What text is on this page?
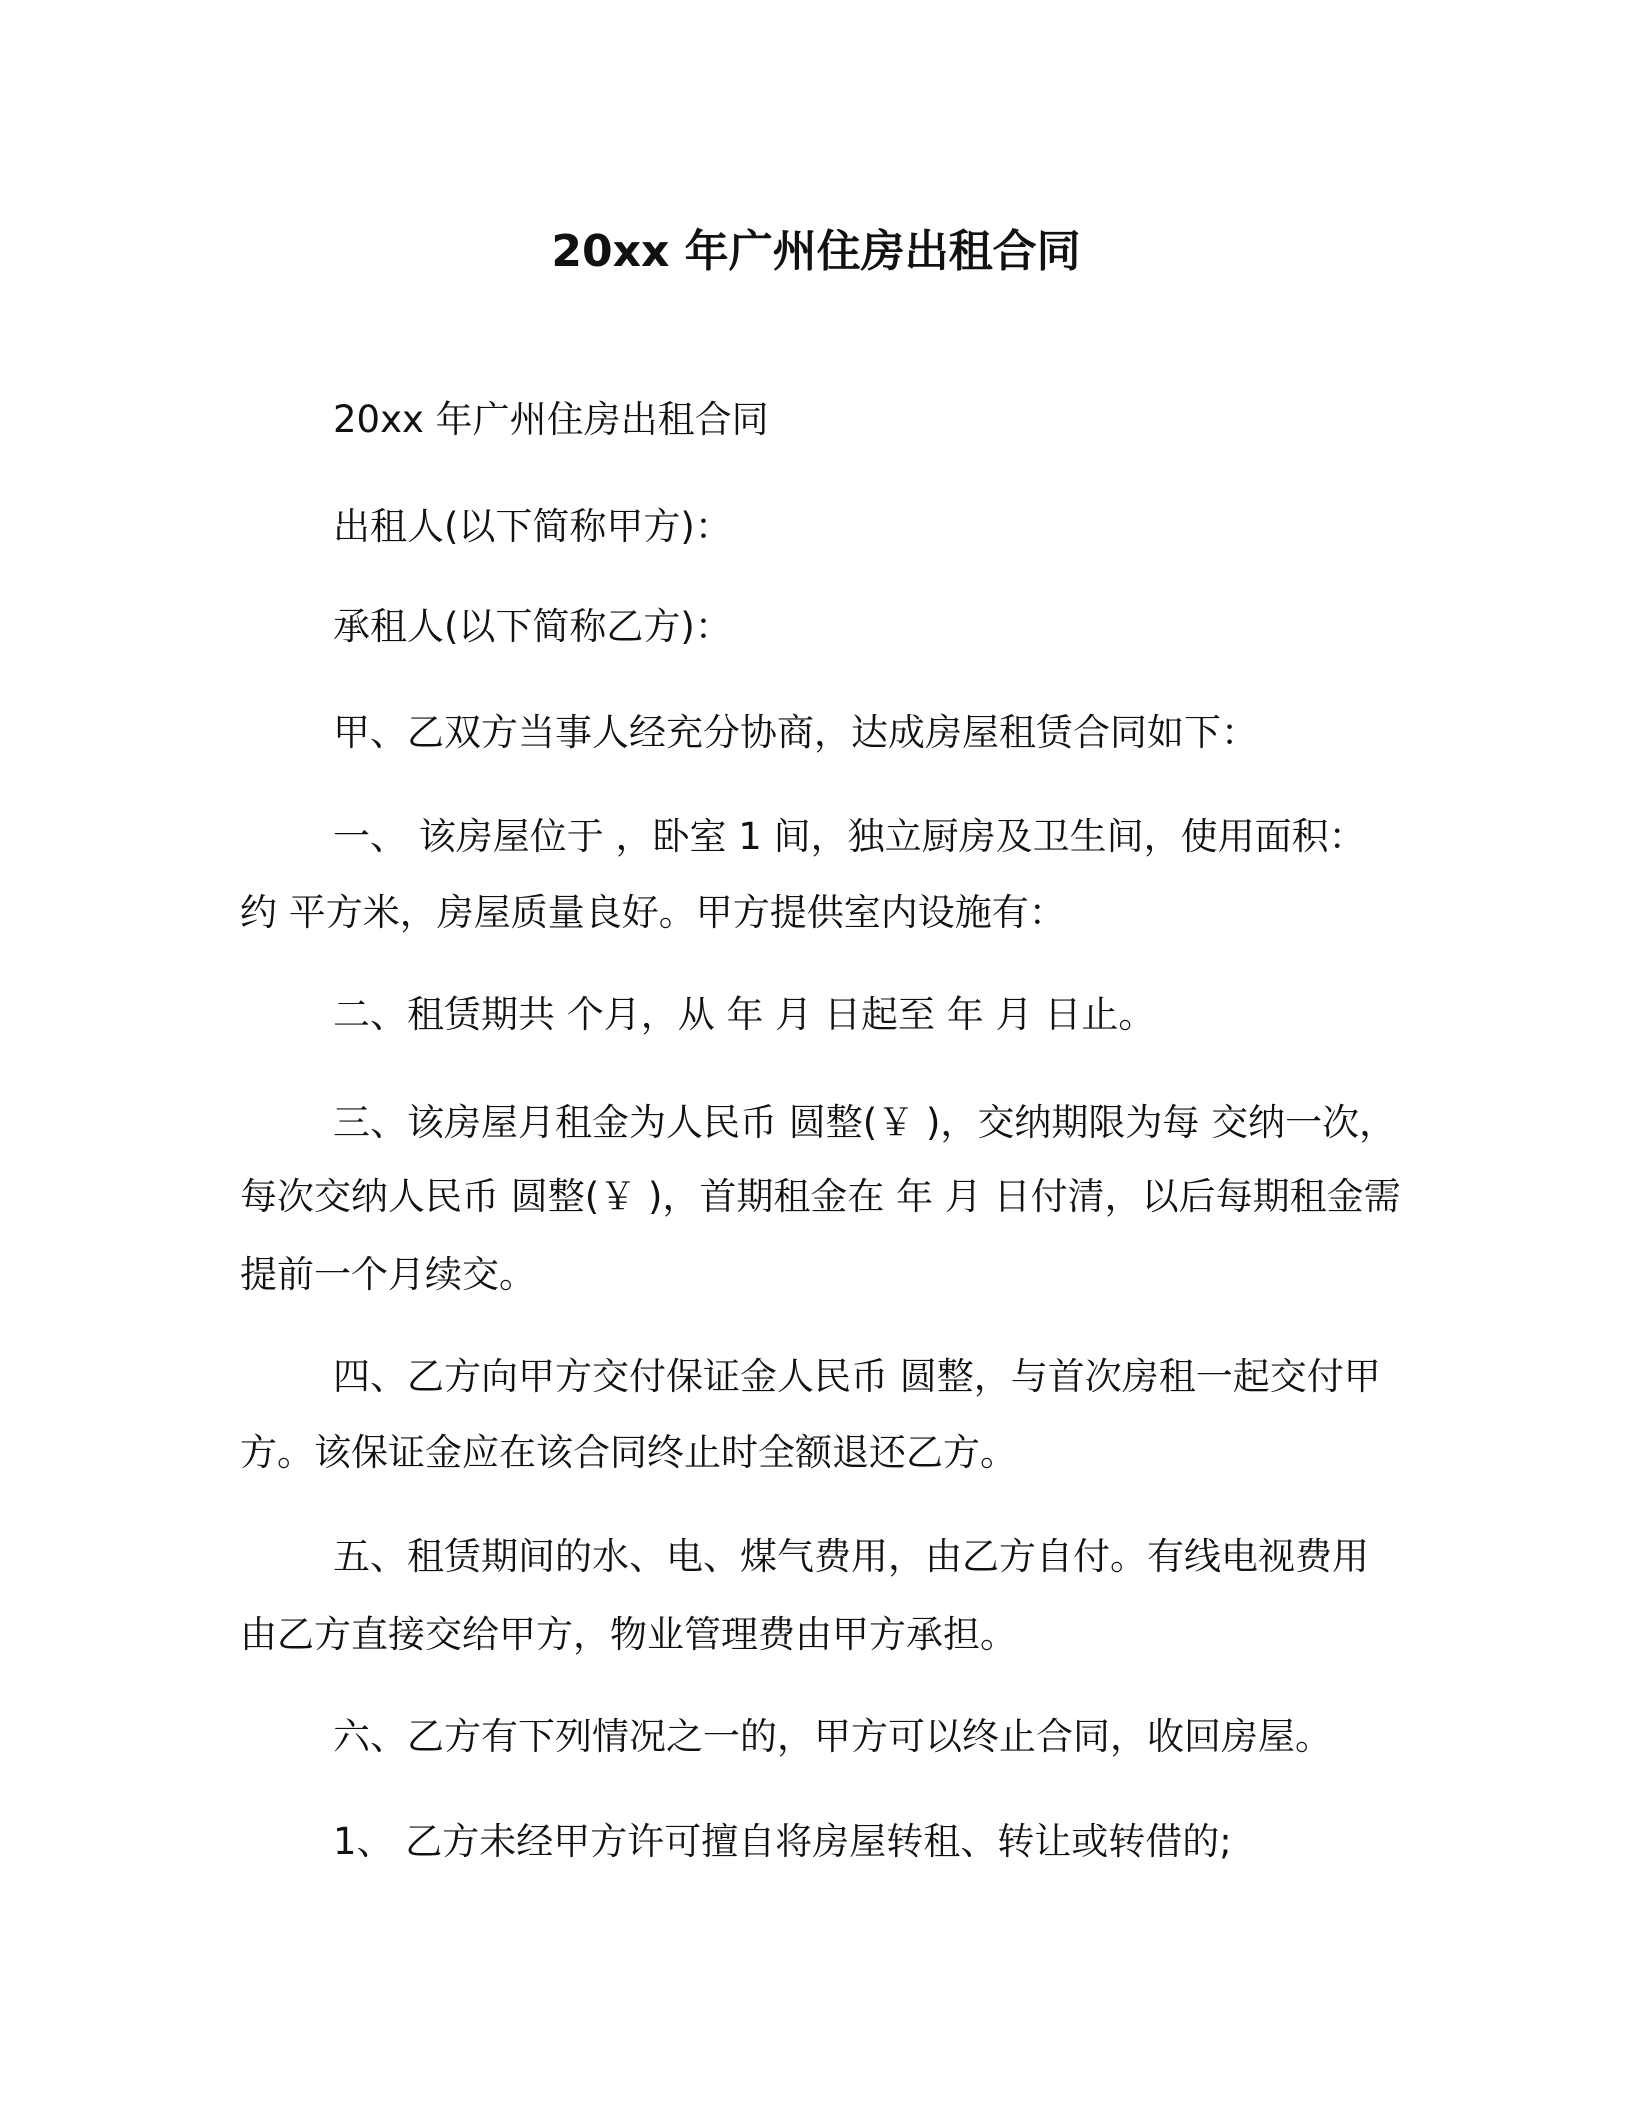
20xx 年广州住房出租合同
20xx 年广州住房出租合同
出租人(以下简称甲方)：
承租人(以下简称乙方)：
甲、乙双方当事人经充分协商，达成房屋租赁合同如下：
一、 该房屋位于 ，卧室 1 间，独立厨房及卫生间，使用面积：
约 平方米，房屋质量良好。甲方提供室内设施有：
二、租赁期共 个月，从 年 月 日起至 年 月 日止。
三、该房屋月租金为人民币 圆整(￥ )，交纳期限为每 交纳一次，
每次交纳人民币 圆整(￥ )，首期租金在 年 月 日付清，以后每期租金需
提前一个月续交。
四、乙方向甲方交付保证金人民币 圆整，与首次房租一起交付甲
方。该保证金应在该合同终止时全额退还乙方。
五、租赁期间的水、电、煤气费用，由乙方自付。有线电视费用
由乙方直接交给甲方，物业管理费由甲方承担。
六、乙方有下列情况之一的，甲方可以终止合同，收回房屋。
1、 乙方未经甲方许可擅自将房屋转租、转让或转借的;
